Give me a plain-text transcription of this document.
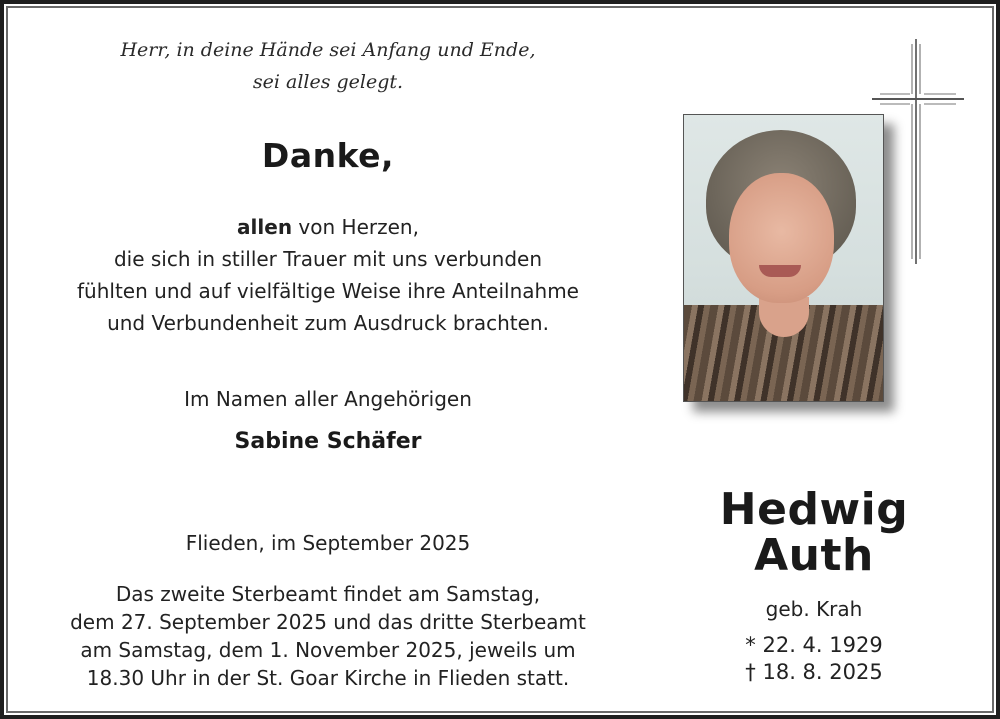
Herr, in deine Hände sei Anfang und Ende,
sei alles gelegt.
Danke,
allen von Herzen,
die sich in stiller Trauer mit uns verbunden
fühlten und auf vielfältige Weise ihre Anteilnahme
und Verbundenheit zum Ausdruck brachten.
Im Namen aller Angehörigen
Sabine Schäfer
Flieden, im September 2025
Das zweite Sterbeamt findet am Samstag,
dem 27. September 2025 und das dritte Sterbeamt
am Samstag, dem 1. November 2025, jeweils um
18.30 Uhr in der St. Goar Kirche in Flieden statt.
Hedwig
Auth
geb. Krah
* 22. 4. 1929
† 18. 8. 2025
